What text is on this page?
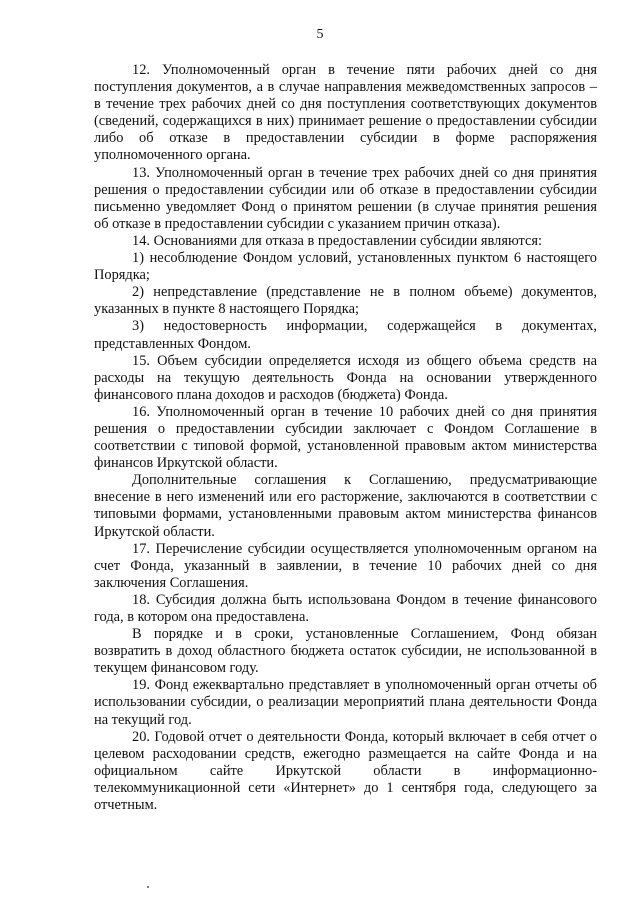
5

12. Уполномоченный орган в течение пяти рабочих дней со дня поступления документов, а в случае направления межведомственных запросов – в течение трех рабочих дней со дня поступления соответствующих документов (сведений, содержащихся в них) принимает решение о предоставлении субсидии либо об отказе в предоставлении субсидии в форме распоряжения уполномоченного органа.

13. Уполномоченный орган в течение трех рабочих дней со дня принятия решения о предоставлении субсидии или об отказе в предоставлении субсидии письменно уведомляет Фонд о принятом решении (в случае принятия решения об отказе в предоставлении субсидии с указанием причин отказа).

14. Основаниями для отказа в предоставлении субсидии являются:

1) несоблюдение Фондом условий, установленных пунктом 6 настоящего Порядка;

2) непредставление (представление не в полном объеме) документов, указанных в пункте 8 настоящего Порядка;

3) недостоверность информации, содержащейся в документах, представленных Фондом.

15. Объем субсидии определяется исходя из общего объема средств на расходы на текущую деятельность Фонда на основании утвержденного финансового плана доходов и расходов (бюджета) Фонда.

16. Уполномоченный орган в течение 10 рабочих дней со дня принятия решения о предоставлении субсидии заключает с Фондом Соглашение в соответствии с типовой формой, установленной правовым актом министерства финансов Иркутской области.

Дополнительные соглашения к Соглашению, предусматривающие внесение в него изменений или его расторжение, заключаются в соответствии с типовыми формами, установленными правовым актом министерства финансов Иркутской области.

17. Перечисление субсидии осуществляется уполномоченным органом на счет Фонда, указанный в заявлении, в течение 10 рабочих дней со дня заключения Соглашения.

18. Субсидия должна быть использована Фондом в течение финансового года, в котором она предоставлена.

В порядке и в сроки, установленные Соглашением, Фонд обязан возвратить в доход областного бюджета остаток субсидии, не использованной в текущем финансовом году.

19. Фонд ежеквартально представляет в уполномоченный орган отчеты об использовании субсидии, о реализации мероприятий плана деятельности Фонда на текущий год.

20. Годовой отчет о деятельности Фонда, который включает в себя отчет о целевом расходовании средств, ежегодно размещается на сайте Фонда и на официальном сайте Иркутской области в информационно-телекоммуникационной сети «Интернет» до 1 сентября года, следующего за отчетным.
